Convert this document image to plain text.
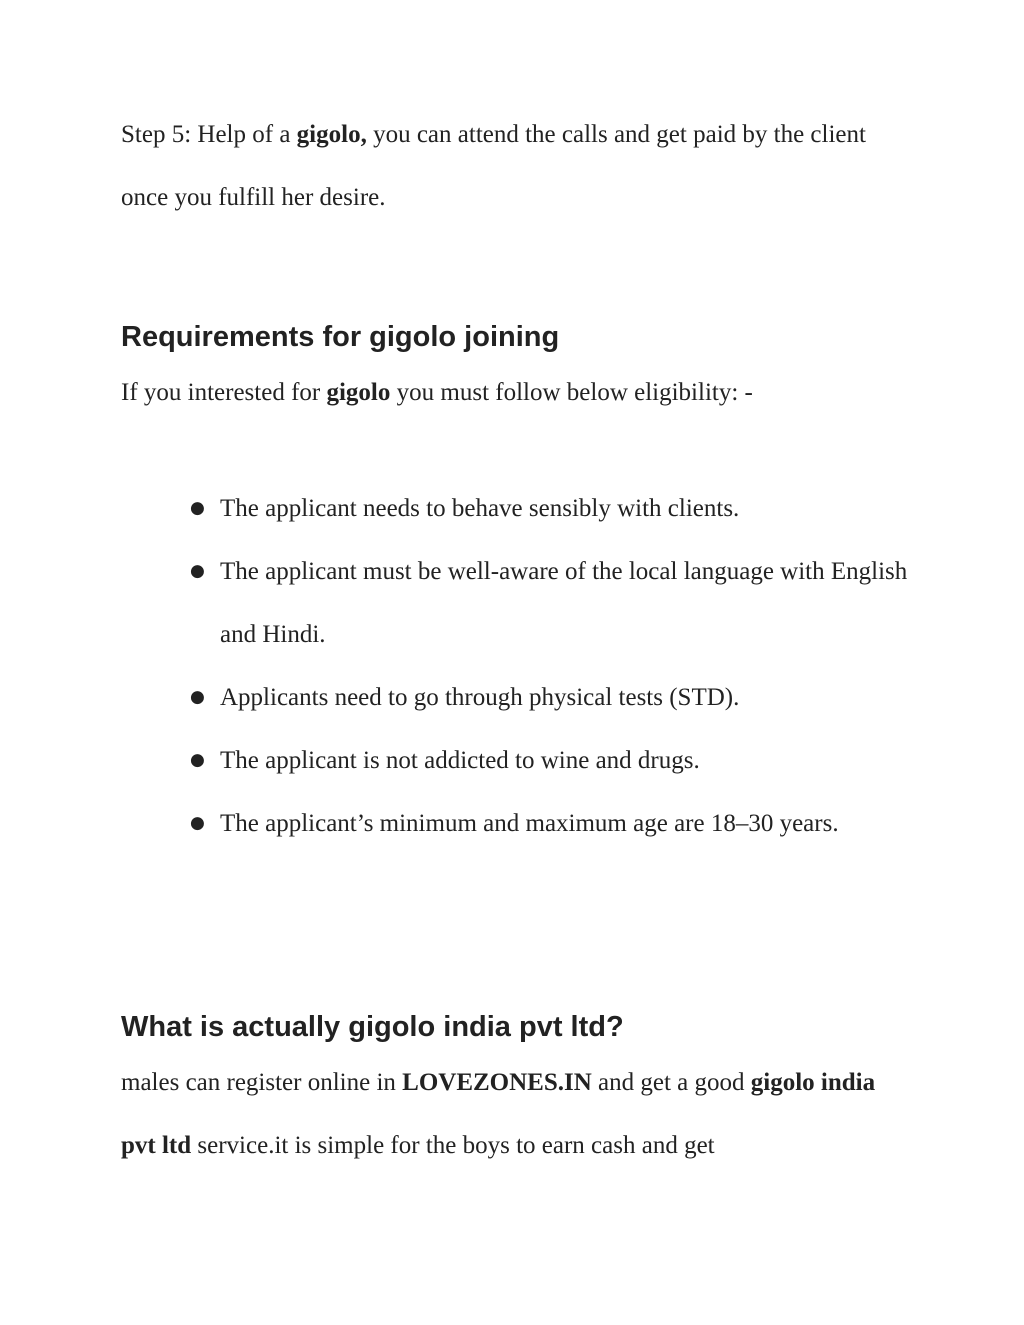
Step 5: Help of a gigolo, you can attend the calls and get paid by the client once you fulfill her desire.

Requirements for gigolo joining

If you interested for gigolo you must follow below eligibility: -

● The applicant needs to behave sensibly with clients.
● The applicant must be well-aware of the local language with English and Hindi.
● Applicants need to go through physical tests (STD).
● The applicant is not addicted to wine and drugs.
● The applicant’s minimum and maximum age are 18–30 years.
What is actually gigolo india pvt ltd?

males can register online in LOVEZONES.IN and get a good gigolo india pvt ltd service.it is simple for the boys to earn cash and get
